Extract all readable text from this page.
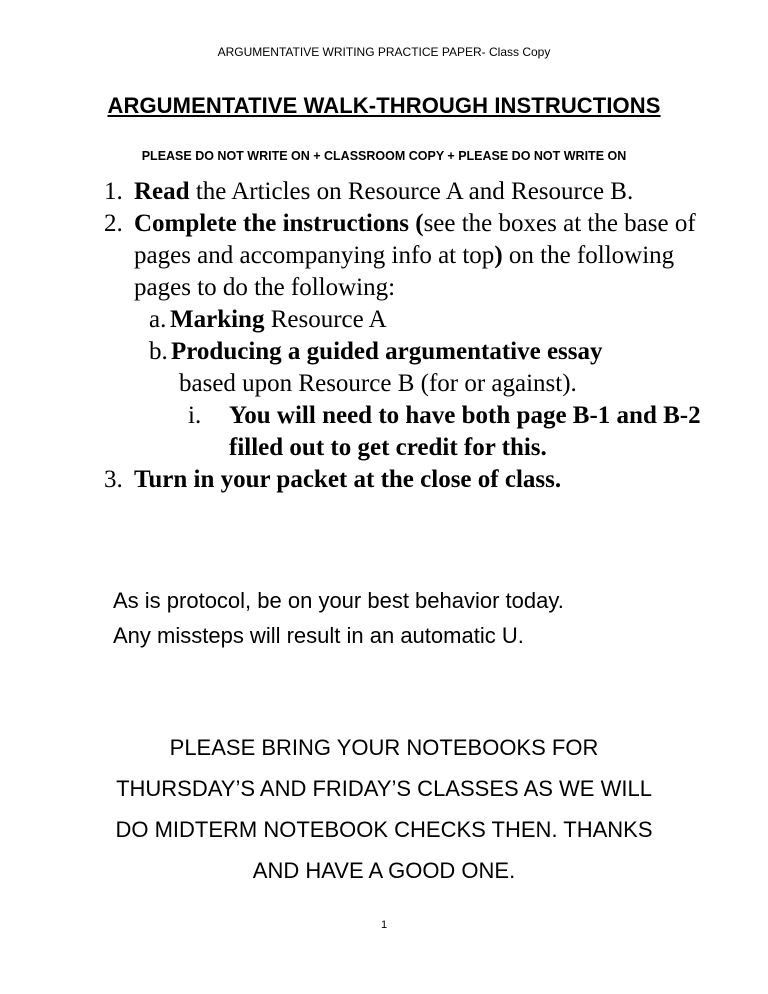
ARGUMENTATIVE WRITING PRACTICE PAPER- Class Copy
ARGUMENTATIVE WALK-THROUGH INSTRUCTIONS
PLEASE DO NOT WRITE ON + CLASSROOM COPY + PLEASE DO NOT WRITE ON
1. Read the Articles on Resource A and Resource B.
2. Complete the instructions (see the boxes at the base of pages and accompanying info at top) on the following pages to do the following:
a. Marking Resource A
b. Producing a guided argumentative essay
based upon Resource B (for or against).
i. You will need to have both page B-1 and B-2 filled out to get credit for this.
3. Turn in your packet at the close of class.
As is protocol, be on your best behavior today.
Any missteps will result in an automatic U.
PLEASE BRING YOUR NOTEBOOKS FOR
THURSDAY’S AND FRIDAY’S CLASSES AS WE WILL
DO MIDTERM NOTEBOOK CHECKS THEN. THANKS
AND HAVE A GOOD ONE.
1
